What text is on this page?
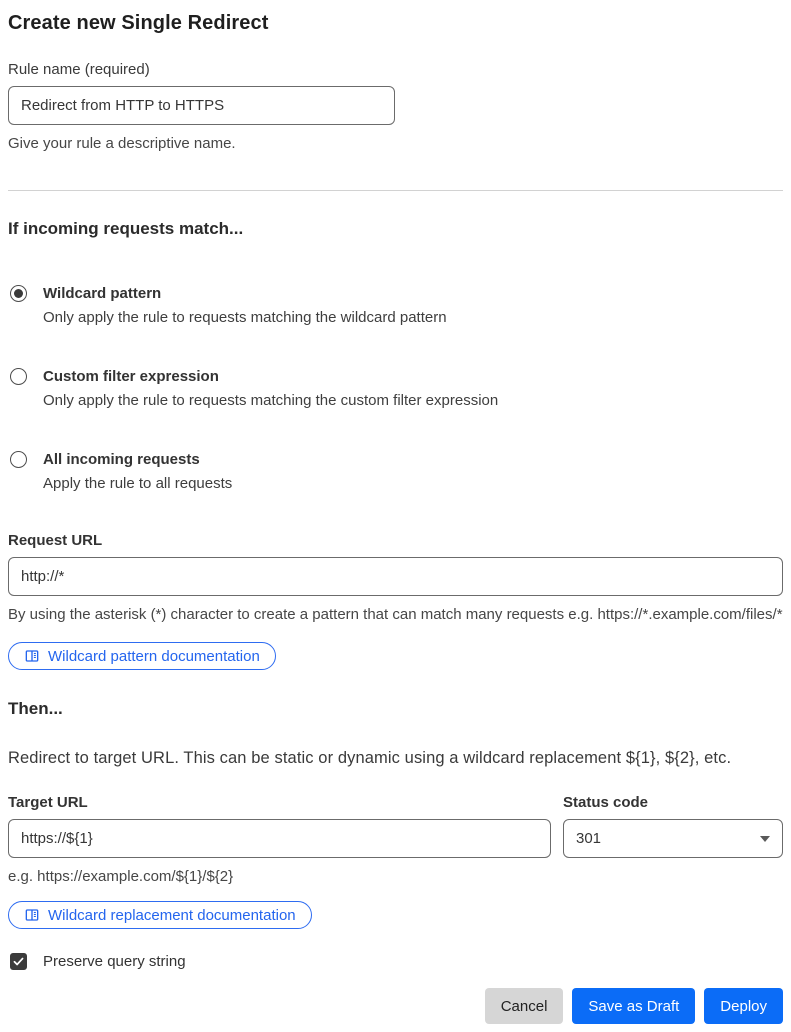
Create new Single Redirect
Rule name (required)
Redirect from HTTP to HTTPS
Give your rule a descriptive name.
If incoming requests match...
Wildcard pattern
Only apply the rule to requests matching the wildcard pattern
Custom filter expression
Only apply the rule to requests matching the custom filter expression
All incoming requests
Apply the rule to all requests
Request URL
http://*
By using the asterisk (*) character to create a pattern that can match many requests e.g. https://*.example.com/files/*
Wildcard pattern documentation
Then...

Redirect to target URL. This can be static or dynamic using a wildcard replacement ${1}, ${2}, etc.

Target URL
https://${1}
e.g. https://example.com/${1}/${2}
Status code
301
Wildcard replacement documentation
Preserve query string
Cancel	Save as Draft	Deploy
